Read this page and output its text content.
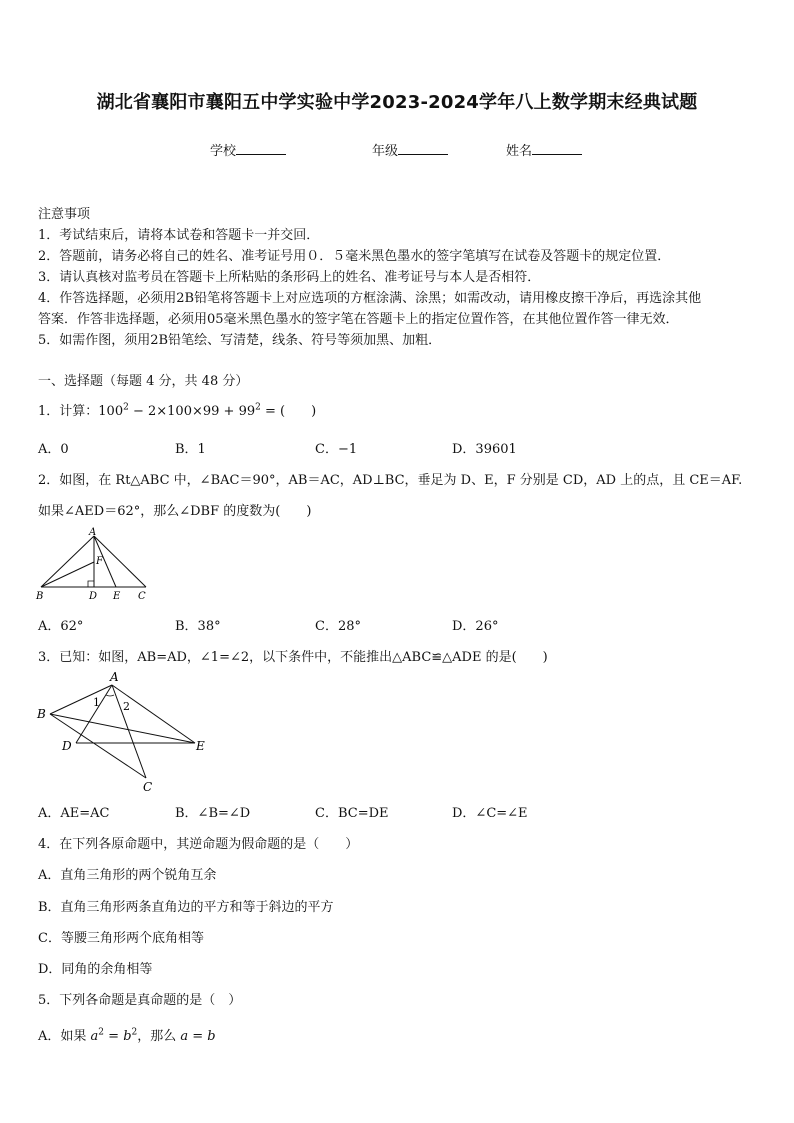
湖北省襄阳市襄阳五中学实验中学2023-2024学年八上数学期末经典试题
学校	年级	姓名
注意事项
1．考试结束后，请将本试卷和答题卡一并交回．
2．答题前，请务必将自己的姓名、准考证号用０．５毫米黑色墨水的签字笔填写在试卷及答题卡的规定位置．
3．请认真核对监考员在答题卡上所粘贴的条形码上的姓名、准考证号与本人是否相符．
4．作答选择题，必须用2B铅笔将答题卡上对应选项的方框涂满、涂黑；如需改动，请用橡皮擦干净后，再选涂其他
答案．作答非选择题，必须用05毫米黑色墨水的签字笔在答题卡上的指定位置作答，在其他位置作答一律无效．
5．如需作图，须用2B铅笔绘、写清楚，线条、符号等须加黑、加粗．
一、选择题（每题 4 分，共 48 分）
1．计算：$100^2 - 2\times 100\times 99 + 99^2$ = (　　)
A．0	B．1	C．−1	D．39601
2．如图，在 Rt△ABC 中，∠BAC＝90°，AB＝AC，AD⊥BC，垂足为 D、E，F 分别是 CD，AD 上的点，且 CE＝AF.
如果∠AED＝62°，那么∠DBF 的度数为(　　)
A
F
B	D E C
A．62°	B．38°	C．28°	D．26°
3．已知：如图，AB=AD，∠1=∠2，以下条件中，不能推出△ABC≌△ADE 的是(　　)
A
B
1 2
D	E
C
A．AE=AC	B．∠B=∠D	C．BC=DE	D．∠C=∠E
4．在下列各原命题中，其逆命题为假命题的是（　　）
A．直角三角形的两个锐角互余
B．直角三角形两条直角边的平方和等于斜边的平方
C．等腰三角形两个底角相等
D．同角的余角相等
5．下列各命题是真命题的是（　）
A．如果 $a^2 = b^2$，那么 a = b
